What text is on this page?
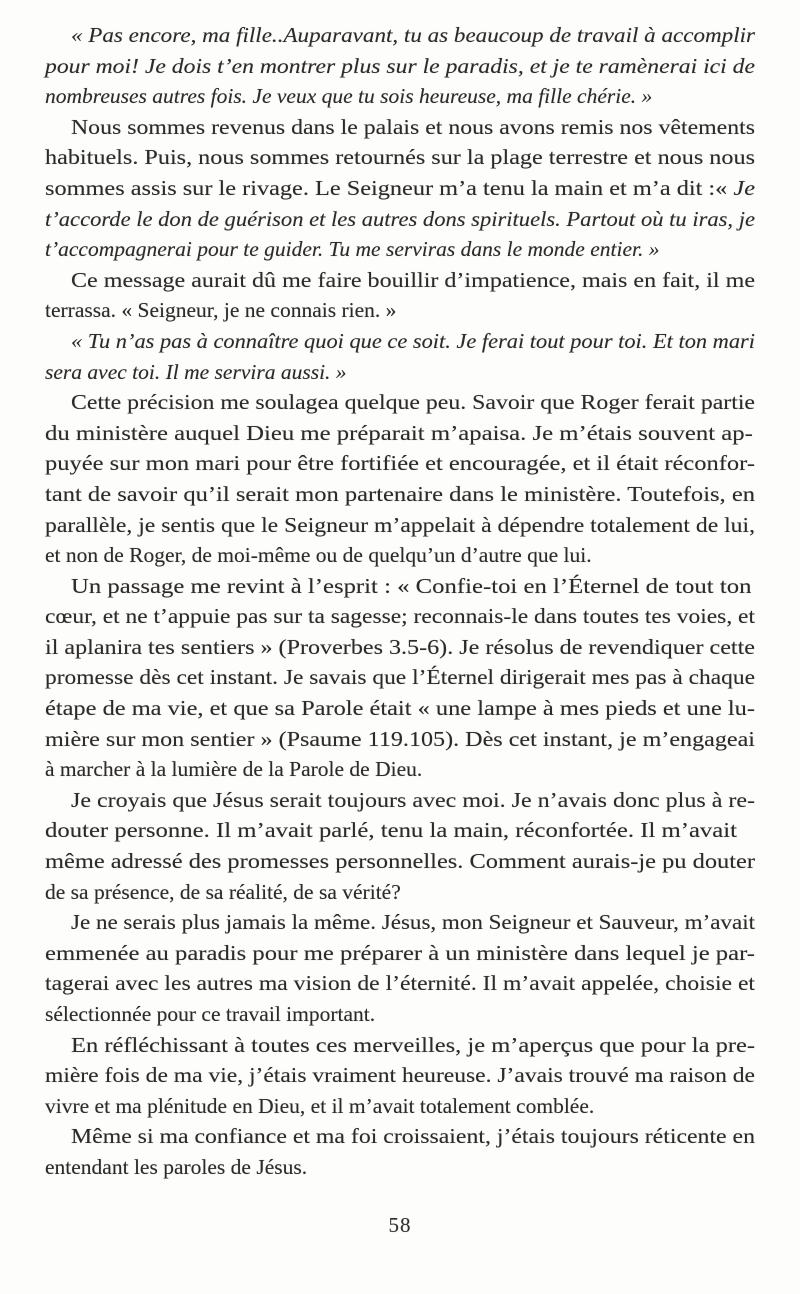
« Pas encore, ma fille..Auparavant, tu as beaucoup de travail à accomplir
pour moi! Je dois t’en montrer plus sur le paradis, et je te ramènerai ici de
nombreuses autres fois. Je veux que tu sois heureuse, ma fille chérie. »
Nous sommes revenus dans le palais et nous avons remis nos vêtements
habituels. Puis, nous sommes retournés sur la plage terrestre et nous nous
sommes assis sur le rivage. Le Seigneur m’a tenu la main et m’a dit :« Je
t’accorde le don de guérison et les autres dons spirituels. Partout où tu iras, je
t’accompagnerai pour te guider. Tu me serviras dans le monde entier. »
Ce message aurait dû me faire bouillir d’impatience, mais en fait, il me
terrassa. « Seigneur, je ne connais rien. »
« Tu n’as pas à connaître quoi que ce soit. Je ferai tout pour toi. Et ton mari
sera avec toi. Il me servira aussi. »
Cette précision me soulagea quelque peu. Savoir que Roger ferait partie
du ministère auquel Dieu me préparait m’apaisa. Je m’étais souvent ap-
puyée sur mon mari pour être fortifiée et encouragée, et il était réconfor-
tant de savoir qu’il serait mon partenaire dans le ministère. Toutefois, en
parallèle, je sentis que le Seigneur m’appelait à dépendre totalement de lui,
et non de Roger, de moi-même ou de quelqu’un d’autre que lui.
Un passage me revint à l’esprit : « Confie-toi en l’Éternel de tout ton
cœur, et ne t’appuie pas sur ta sagesse; reconnais-le dans toutes tes voies, et
il aplanira tes sentiers » (Proverbes 3.5-6). Je résolus de revendiquer cette
promesse dès cet instant. Je savais que l’Éternel dirigerait mes pas à chaque
étape de ma vie, et que sa Parole était « une lampe à mes pieds et une lu-
mière sur mon sentier » (Psaume 119.105). Dès cet instant, je m’engageai
à marcher à la lumière de la Parole de Dieu.
Je croyais que Jésus serait toujours avec moi. Je n’avais donc plus à re-
douter personne. Il m’avait parlé, tenu la main, réconfortée. Il m’avait
même adressé des promesses personnelles. Comment aurais-je pu douter
de sa présence, de sa réalité, de sa vérité?
Je ne serais plus jamais la même. Jésus, mon Seigneur et Sauveur, m’avait
emmenée au paradis pour me préparer à un ministère dans lequel je par-
tagerai avec les autres ma vision de l’éternité. Il m’avait appelée, choisie et
sélectionnée pour ce travail important.
En réfléchissant à toutes ces merveilles, je m’aperçus que pour la pre-
mière fois de ma vie, j’étais vraiment heureuse. J’avais trouvé ma raison de
vivre et ma plénitude en Dieu, et il m’avait totalement comblée.
Même si ma confiance et ma foi croissaient, j’étais toujours réticente en
entendant les paroles de Jésus.
58
